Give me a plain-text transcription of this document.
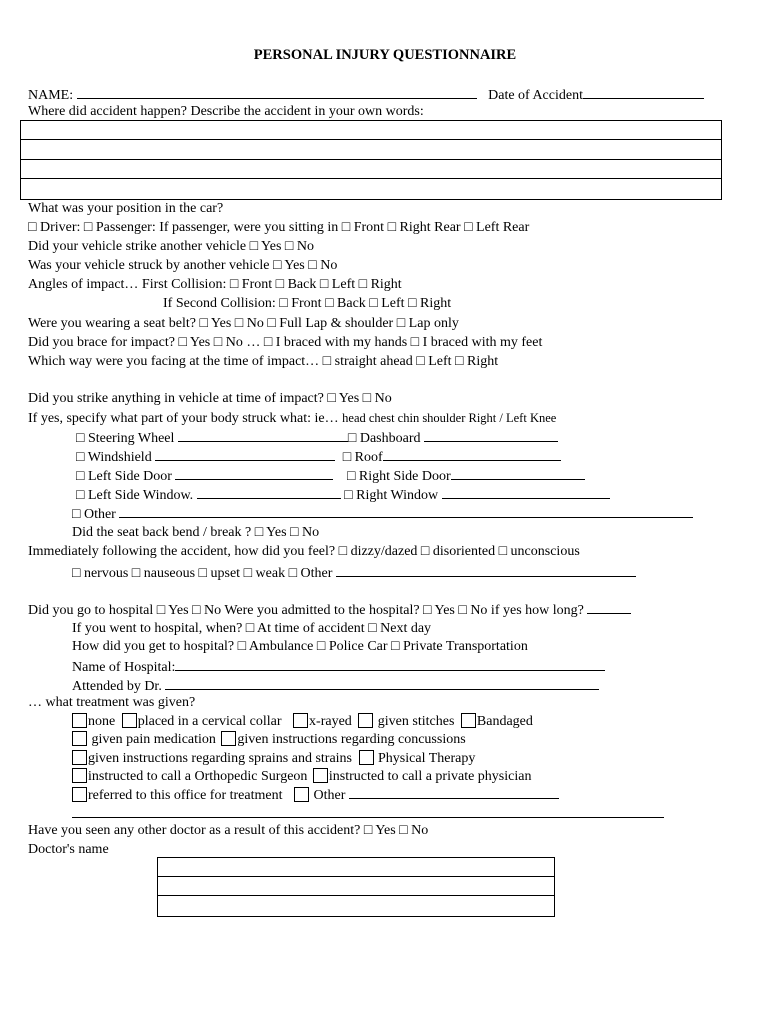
PERSONAL INJURY QUESTIONNAIRE
NAME:	Date of Accident
Where did accident happen? Describe the accident in your own words:
What was your position in the car?
□ Driver: □ Passenger: If passenger, were you sitting in □ Front □ Right Rear □ Left Rear
Did your vehicle strike another vehicle □ Yes □ No
Was your vehicle struck by another vehicle □ Yes □ No
Angles of impact… First Collision: □ Front □ Back □ Left □ Right
If Second Collision: □ Front □ Back □ Left □ Right
Were you wearing a seat belt? □ Yes □ No □ Full Lap & shoulder □ Lap only
Did you brace for impact? □ Yes □ No … □ I braced with my hands □ I braced with my feet
Which way were you facing at the time of impact… □ straight ahead □ Left □ Right
Did you strike anything in vehicle at time of impact? □ Yes □ No
If yes, specify what part of your body struck what: ie… head chest chin shoulder Right / Left Knee
□ Steering Wheel	□ Dashboard
□ Windshield	□ Roof
□ Left Side Door	□ Right Side Door
□ Left Side Window.	□ Right Window
□ Other
Did the seat back bend / break ? □ Yes □ No
Immediately following the accident, how did you feel? □ dizzy/dazed □ disoriented □ unconscious
□ nervous □ nauseous □ upset □ weak □ Other
Did you go to hospital □ Yes □ No Were you admitted to the hospital? □ Yes □ No if yes how long?
If you went to hospital, when? □ At time of accident □ Next day
How did you get to hospital? □ Ambulance □ Police Car □ Private Transportation
Name of Hospital:
Attended by Dr.
… what treatment was given?
none placed in a cervical collar x-rayed  given stitches Bandaged
given pain medication given instructions regarding concussions
given instructions regarding sprains and strains  Physical Therapy
instructed to call a Orthopedic Surgeon instructed to call a private physician
referred to this office for treatment  Other
Have you seen any other doctor as a result of this accident? □ Yes □ No
Doctor's name
